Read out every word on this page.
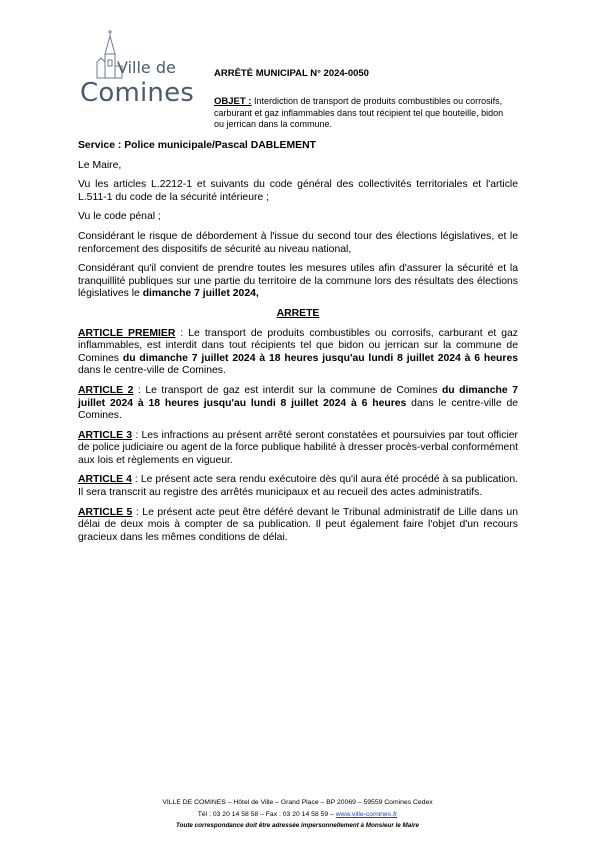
Ville de
Comines
ARRÊTÉ MUNICIPAL N° 2024-0050
OBJET : Interdiction de transport de produits combustibles ou corrosifs, carburant et gaz inflammables dans tout récipient tel que bouteille, bidon ou jerrican dans la commune.

Service : Police municipale/Pascal DABLEMENT

Le Maire,

Vu les articles L.2212-1 et suivants du code général des collectivités territoriales et l'article L.511-1 du code de la sécurité intérieure ;

Vu le code pénal ;

Considérant le risque de débordement à l'issue du second tour des élections législatives, et le renforcement des dispositifs de sécurité au niveau national,

Considérant qu'il convient de prendre toutes les mesures utiles afin d'assurer la sécurité et la tranquillité publiques sur une partie du territoire de la commune lors des résultats des élections législatives le dimanche 7 juillet 2024,

ARRETE

ARTICLE PREMIER : Le transport de produits combustibles ou corrosifs, carburant et gaz inflammables, est interdit dans tout récipients tel que bidon ou jerrican sur la commune de Comines du dimanche 7 juillet 2024 à 18 heures jusqu'au lundi 8 juillet 2024 à 6 heures dans le centre-ville de Comines.

ARTICLE 2 : Le transport de gaz est interdit sur la commune de Comines du dimanche 7 juillet 2024 à 18 heures jusqu'au lundi 8 juillet 2024 à 6 heures dans le centre-ville de Comines.

ARTICLE 3 : Les infractions au présent arrêté seront constatées et poursuivies par tout officier de police judiciaire ou agent de la force publique habilité à dresser procès-verbal conformément aux lois et règlements en vigueur.

ARTICLE 4 : Le présent acte sera rendu exécutoire dès qu'il aura été procédé à sa publication. Il sera transcrit au registre des arrêtés municipaux et au recueil des actes administratifs.

ARTICLE 5 : Le présent acte peut être déféré devant le Tribunal administratif de Lille dans un délai de deux mois à compter de sa publication. Il peut également faire l'objet d'un recours gracieux dans les mêmes conditions de délai.

VILLE DE COMINES – Hôtel de Ville – Grand Place – BP 20069 – 59559 Comines Cedex
Tél : 03 20 14 58 58 – Fax : 03 20 14 58 59 – www.ville-comines.fr
Toute correspondance doit être adressée impersonnellement à Monsieur le Maire
